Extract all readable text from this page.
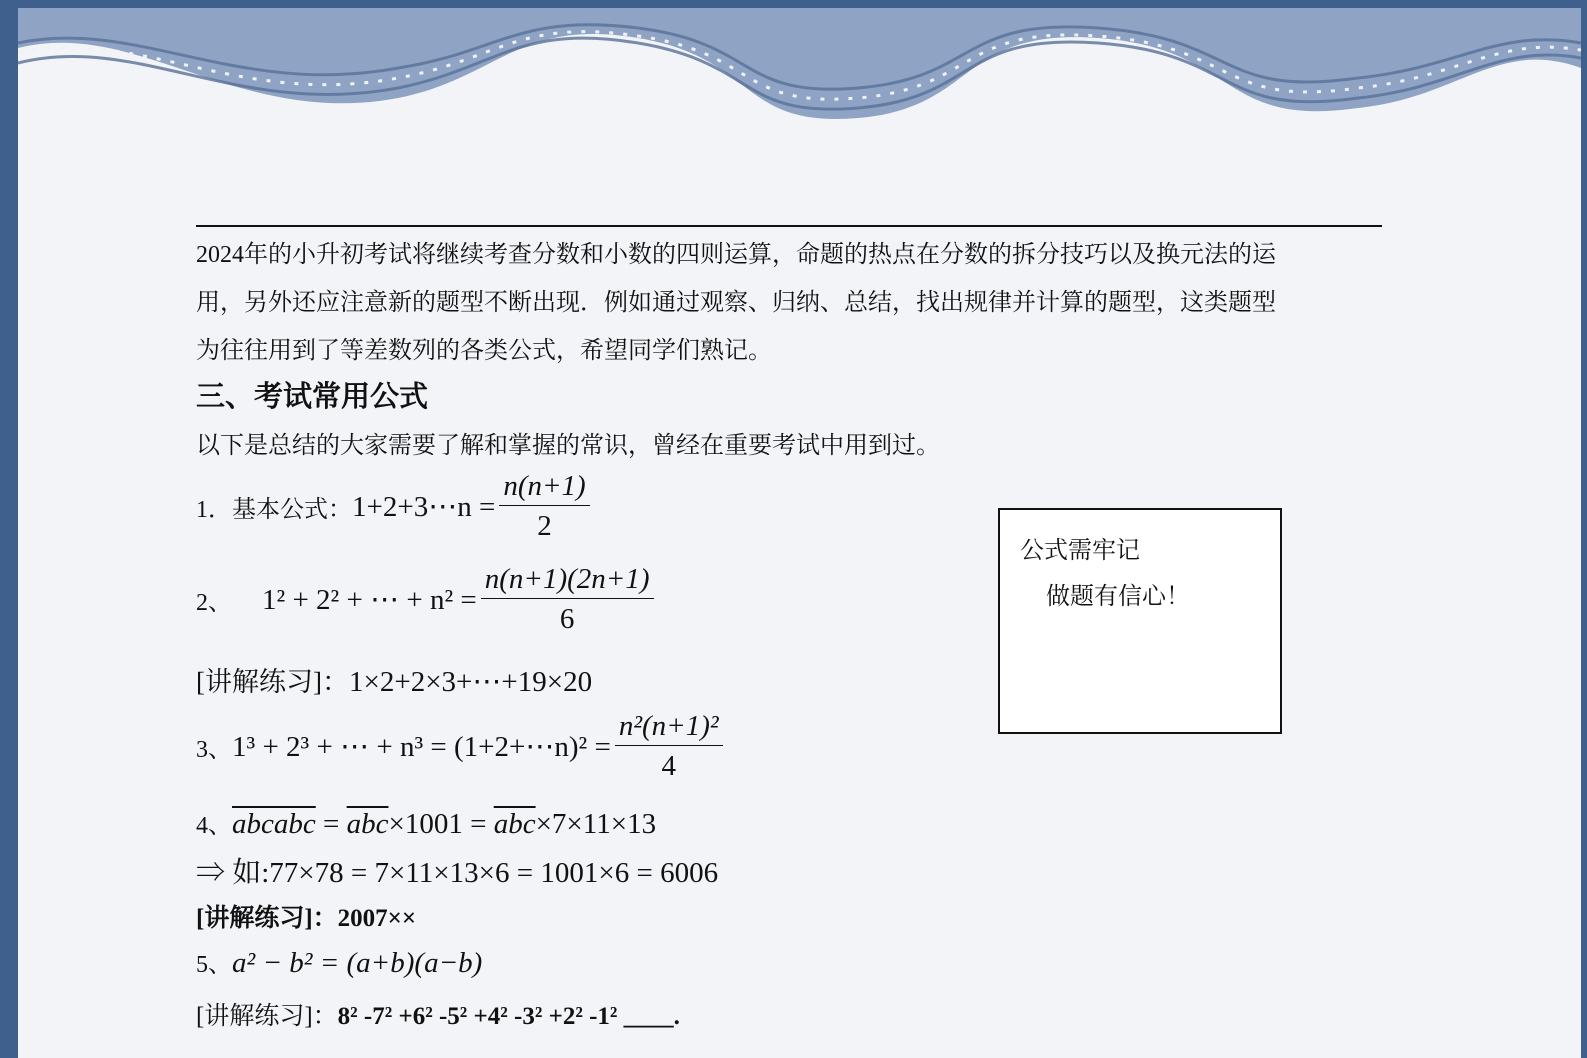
2024年的小升初考试将继续考查分数和小数的四则运算，命题的热点在分数的拆分技巧以及换元法的运
用，另外还应注意新的题型不断出现．例如通过观察、归纳、总结，找出规律并计算的题型，这类题型
为往往用到了等差数列的各类公式，希望同学们熟记。
三、考试常用公式
以下是总结的大家需要了解和掌握的常识，曾经在重要考试中用到过。
1．基本公式： 1+2+3⋯n = $\frac{n(n+1)}{2}$
2、 1² + 2² + ⋯ + $n^2 = \frac{n(n+1)(2n+1)}{6}$
[讲解练习]：1×2+2×3+⋯+19×20
3、 1³ + 2³ + ⋯ + n³ = (1+2+⋯n)² = $\frac{\text{n²(n+1)²}}{4}$
4、abcabc = $\overline{abc}\times 1001 = \overline{abc}\times 7\times 11\times 13$
⇒ 如:77×78 = 7×11×13×6 = 1001×6 = 6006
[讲解练习]：2007××
5、a² − b² = (a+b)(a−b)
[讲解练习]：8² -7² +6² -5² +4² -3² +2² -1² ____.
公式需牢记
做题有信心！
